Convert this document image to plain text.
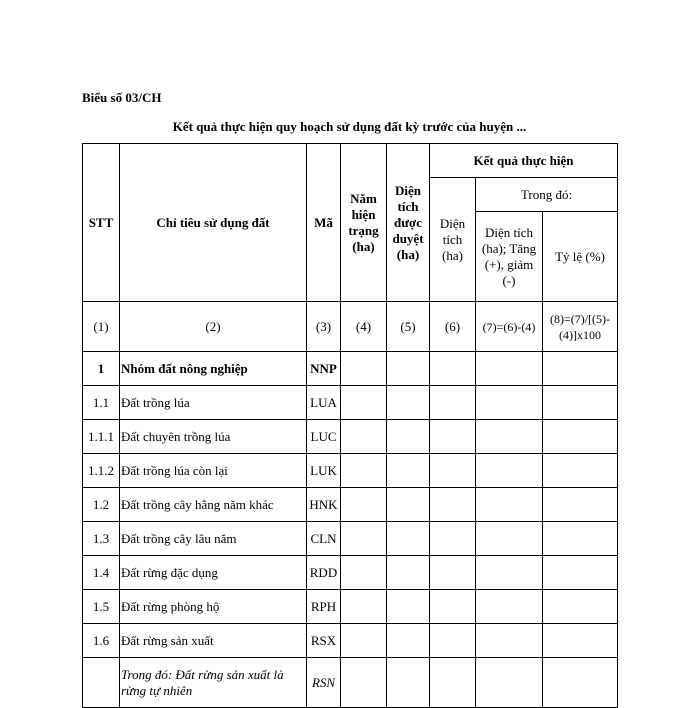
Biểu số 03/CH
Kết quả thực hiện quy hoạch sử dụng đất kỳ trước của huyện ...
STT	Chỉ tiêu sử dụng đất	Mã	Năm hiện trạng (ha)	Diện tích được duyệt (ha)	Kết quả thực hiện		
					Diện tích (ha)	Trong đó:	
						Diện tích (ha); Tăng (+), giảm (-)	Tỷ lệ (%)
(1)	(2)	(3)	(4)	(5)	(6)	(7)=(6)-(4)	(8)=(7)/[(5)-(4)]x100
1	Nhóm đất nông nghiệp	NNP					
1.1	Đất trồng lúa	LUA					
1.1.1	Đất chuyên trồng lúa	LUC					
1.1.2	Đất trồng lúa còn lại	LUK					
1.2	Đất trồng cây hằng năm khác	HNK					
1.3	Đất trồng cây lâu năm	CLN					
1.4	Đất rừng đặc dụng	RDD					
1.5	Đất rừng phòng hộ	RPH					
1.6	Đất rừng sản xuất	RSX					
	Trong đó: Đất rừng sản xuất là rừng tự nhiên	RSN					
